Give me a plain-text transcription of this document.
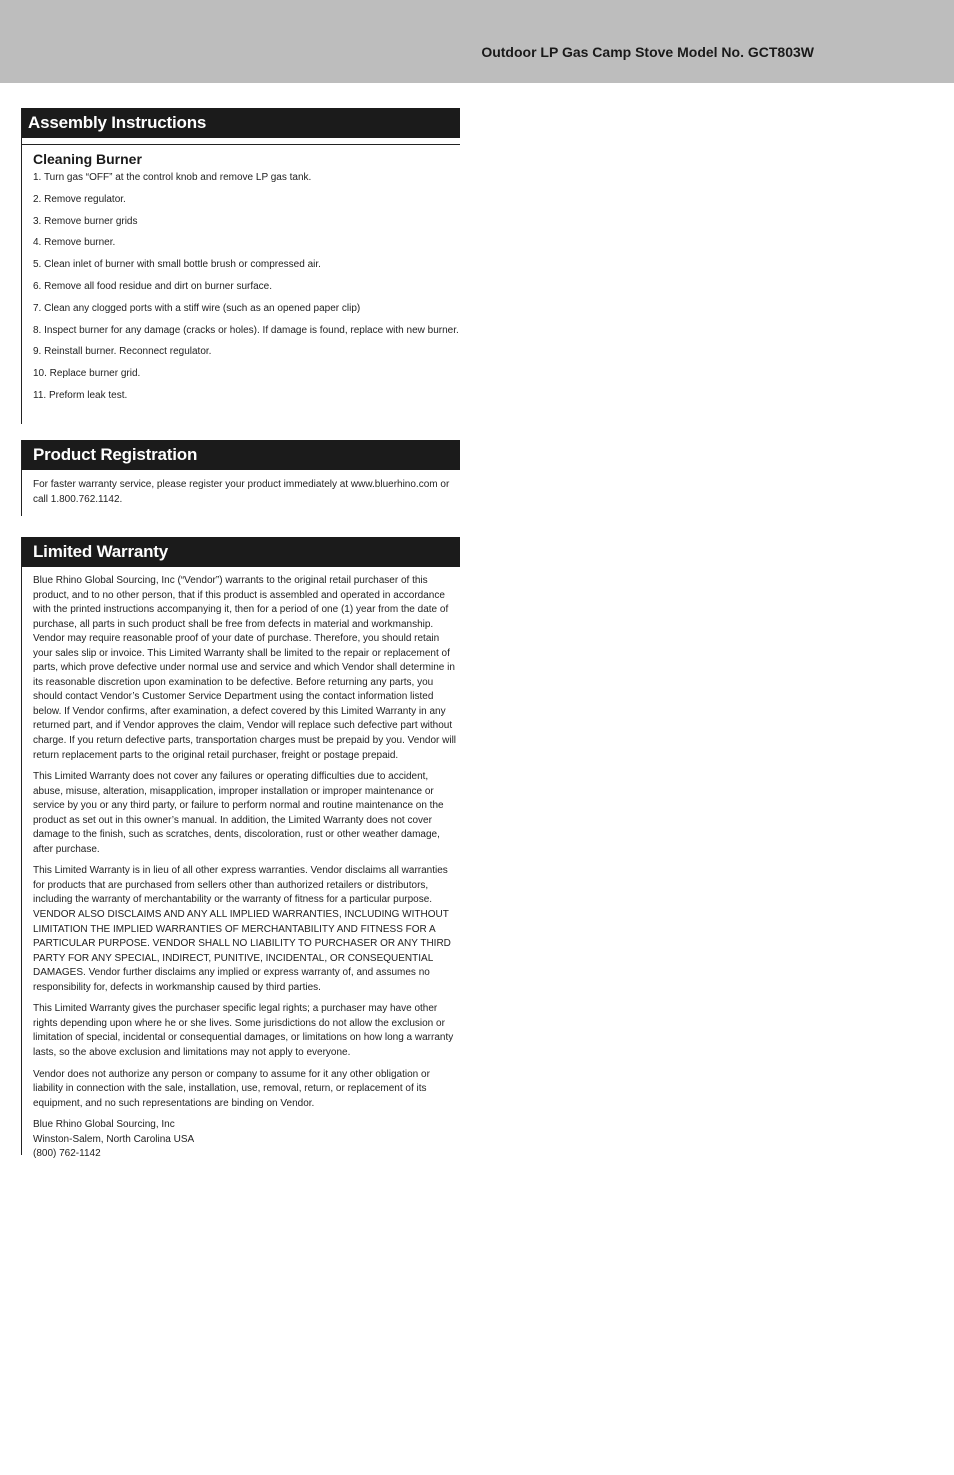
Outdoor LP Gas Camp Stove Model No. GCT803W
Assembly Instructions
Cleaning Burner
1. Turn gas “OFF” at the control knob and remove LP gas tank.
2. Remove regulator.
3. Remove burner grids
4. Remove burner.
5. Clean inlet of burner with small bottle brush or compressed air.
6. Remove all food residue and dirt on burner surface.
7. Clean any clogged ports with a stiff wire (such as an opened paper clip)
8. Inspect burner for any damage (cracks or holes). If damage is found, replace with new burner.
9. Reinstall burner. Reconnect regulator.
10. Replace burner grid.
11. Preform leak test.
Product Registration
For faster warranty service, please register your product immediately at www.bluerhino.com or call 1.800.762.1142.
Limited Warranty

Blue Rhino Global Sourcing, Inc (“Vendor”) warrants to the original retail purchaser of this product, and to no other person, that if this product is assembled and operated in accordance with the printed instructions accompanying it, then for a period of one (1) year from the date of purchase, all parts in such product shall be free from defects in material and workmanship. Vendor may require reasonable proof of your date of purchase. Therefore, you should retain your sales slip or invoice. This Limited Warranty shall be limited to the repair or replacement of parts, which prove defective under normal use and service and which Vendor shall determine in its reasonable discretion upon examination to be defective. Before returning any parts, you should contact Vendor’s Customer Service Department using the contact information listed below. If Vendor confirms, after examination, a defect covered by this Limited Warranty in any returned part, and if Vendor approves the claim, Vendor will replace such defective part without charge. If you return defective parts, transportation charges must be prepaid by you. Vendor will return replacement parts to the original retail purchaser, freight or postage prepaid.

This Limited Warranty does not cover any failures or operating difficulties due to accident, abuse, misuse, alteration, misapplication, improper installation or improper maintenance or service by you or any third party, or failure to perform normal and routine maintenance on the product as set out in this owner’s manual. In addition, the Limited Warranty does not cover damage to the finish, such as scratches, dents, discoloration, rust or other weather damage, after purchase.

This Limited Warranty is in lieu of all other express warranties. Vendor disclaims all warranties for products that are purchased from sellers other than authorized retailers or distributors, including the warranty of merchantability or the warranty of fitness for a particular purpose. VENDOR ALSO DISCLAIMS AND ANY ALL IMPLIED WARRANTIES, INCLUDING WITHOUT LIMITATION THE IMPLIED WARRANTIES OF MERCHANTABILITY AND FITNESS FOR A PARTICULAR PURPOSE. VENDOR SHALL NO LIABILITY TO PURCHASER OR ANY THIRD PARTY FOR ANY SPECIAL, INDIRECT, PUNITIVE, INCIDENTAL, OR CONSEQUENTIAL DAMAGES. Vendor further disclaims any implied or express warranty of, and assumes no responsibility for, defects in workmanship caused by third parties.

This Limited Warranty gives the purchaser specific legal rights; a purchaser may have other rights depending upon where he or she lives. Some jurisdictions do not allow the exclusion or limitation of special, incidental or consequential damages, or limitations on how long a warranty lasts, so the above exclusion and limitations may not apply to everyone.

Vendor does not authorize any person or company to assume for it any other obligation or liability in connection with the sale, installation, use, removal, return, or replacement of its equipment, and no such representations are binding on Vendor.

Blue Rhino Global Sourcing, Inc
Winston-Salem, North Carolina USA
(800) 762-1142
